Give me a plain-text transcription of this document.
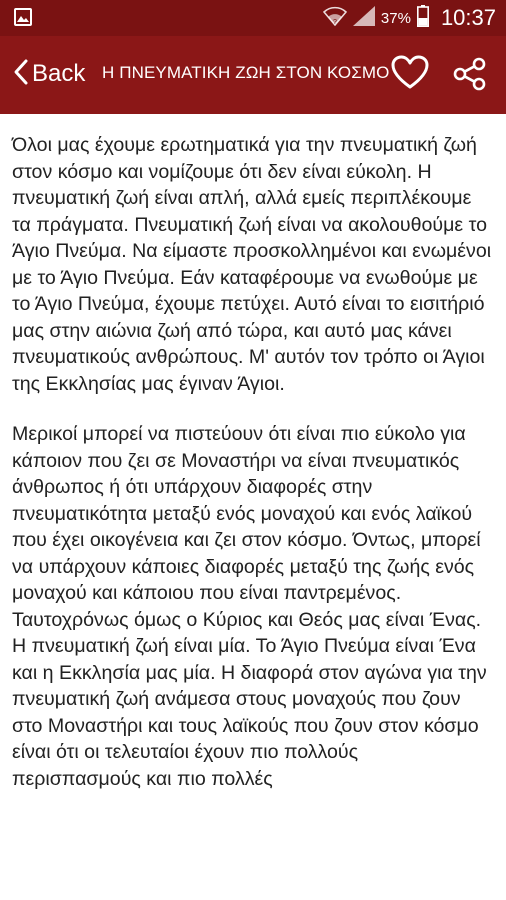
?	37% 10:37
Back Η ΠΝΕΥΜΑΤΙΚΗ ΖΩΗ ΣΤΟΝ ΚΟΣΜΟ

Όλοι μας έχουμε ερωτηματικά για την πνευματική ζωή στον κόσμο και νομίζουμε ότι δεν είναι εύκολη. Η πνευματική ζωή είναι απλή, αλλά εμείς περιπλέκουμε τα πράγματα. Πνευματική ζωή είναι να ακολουθούμε το Άγιο Πνεύμα. Να είμαστε προσκολλημένοι και ενωμένοι με το Άγιο Πνεύμα. Εάν καταφέρουμε να ενωθούμε με το Άγιο Πνεύμα, έχουμε πετύχει. Αυτό είναι το εισιτήριό μας στην αιώνια ζωή από τώρα, και αυτό μας κάνει πνευματικούς ανθρώπους. Μ' αυτόν τον τρόπο οι Άγιοι της Εκκλησίας μας έγιναν Άγιοι.

Μερικοί μπορεί να πιστεύουν ότι είναι πιο εύκολο για κάποιον που ζει σε Μοναστήρι να είναι πνευματικός άνθρωπος ή ότι υπάρχουν διαφορές στην πνευματικότητα μεταξύ ενός μοναχού και ενός λαϊκού που έχει οικογένεια και ζει στον κόσμο. Όντως, μπορεί να υπάρχουν κάποιες διαφορές μεταξύ της ζωής ενός μοναχού και κάποιου που είναι παντρεμένος. Ταυτοχρόνως όμως ο Κύριος και Θεός μας είναι Ένας. Η πνευματική ζωή είναι μία. Το Άγιο Πνεύμα είναι Ένα και η Εκκλησία μας μία. Η διαφορά στον αγώνα για την πνευματική ζωή ανάμεσα στους μοναχούς που ζουν στο Μοναστήρι και τους λαϊκούς που ζουν στον κόσμο είναι ότι οι τελευταίοι έχουν πιο πολλούς περισπασμούς και πιο πολλές
